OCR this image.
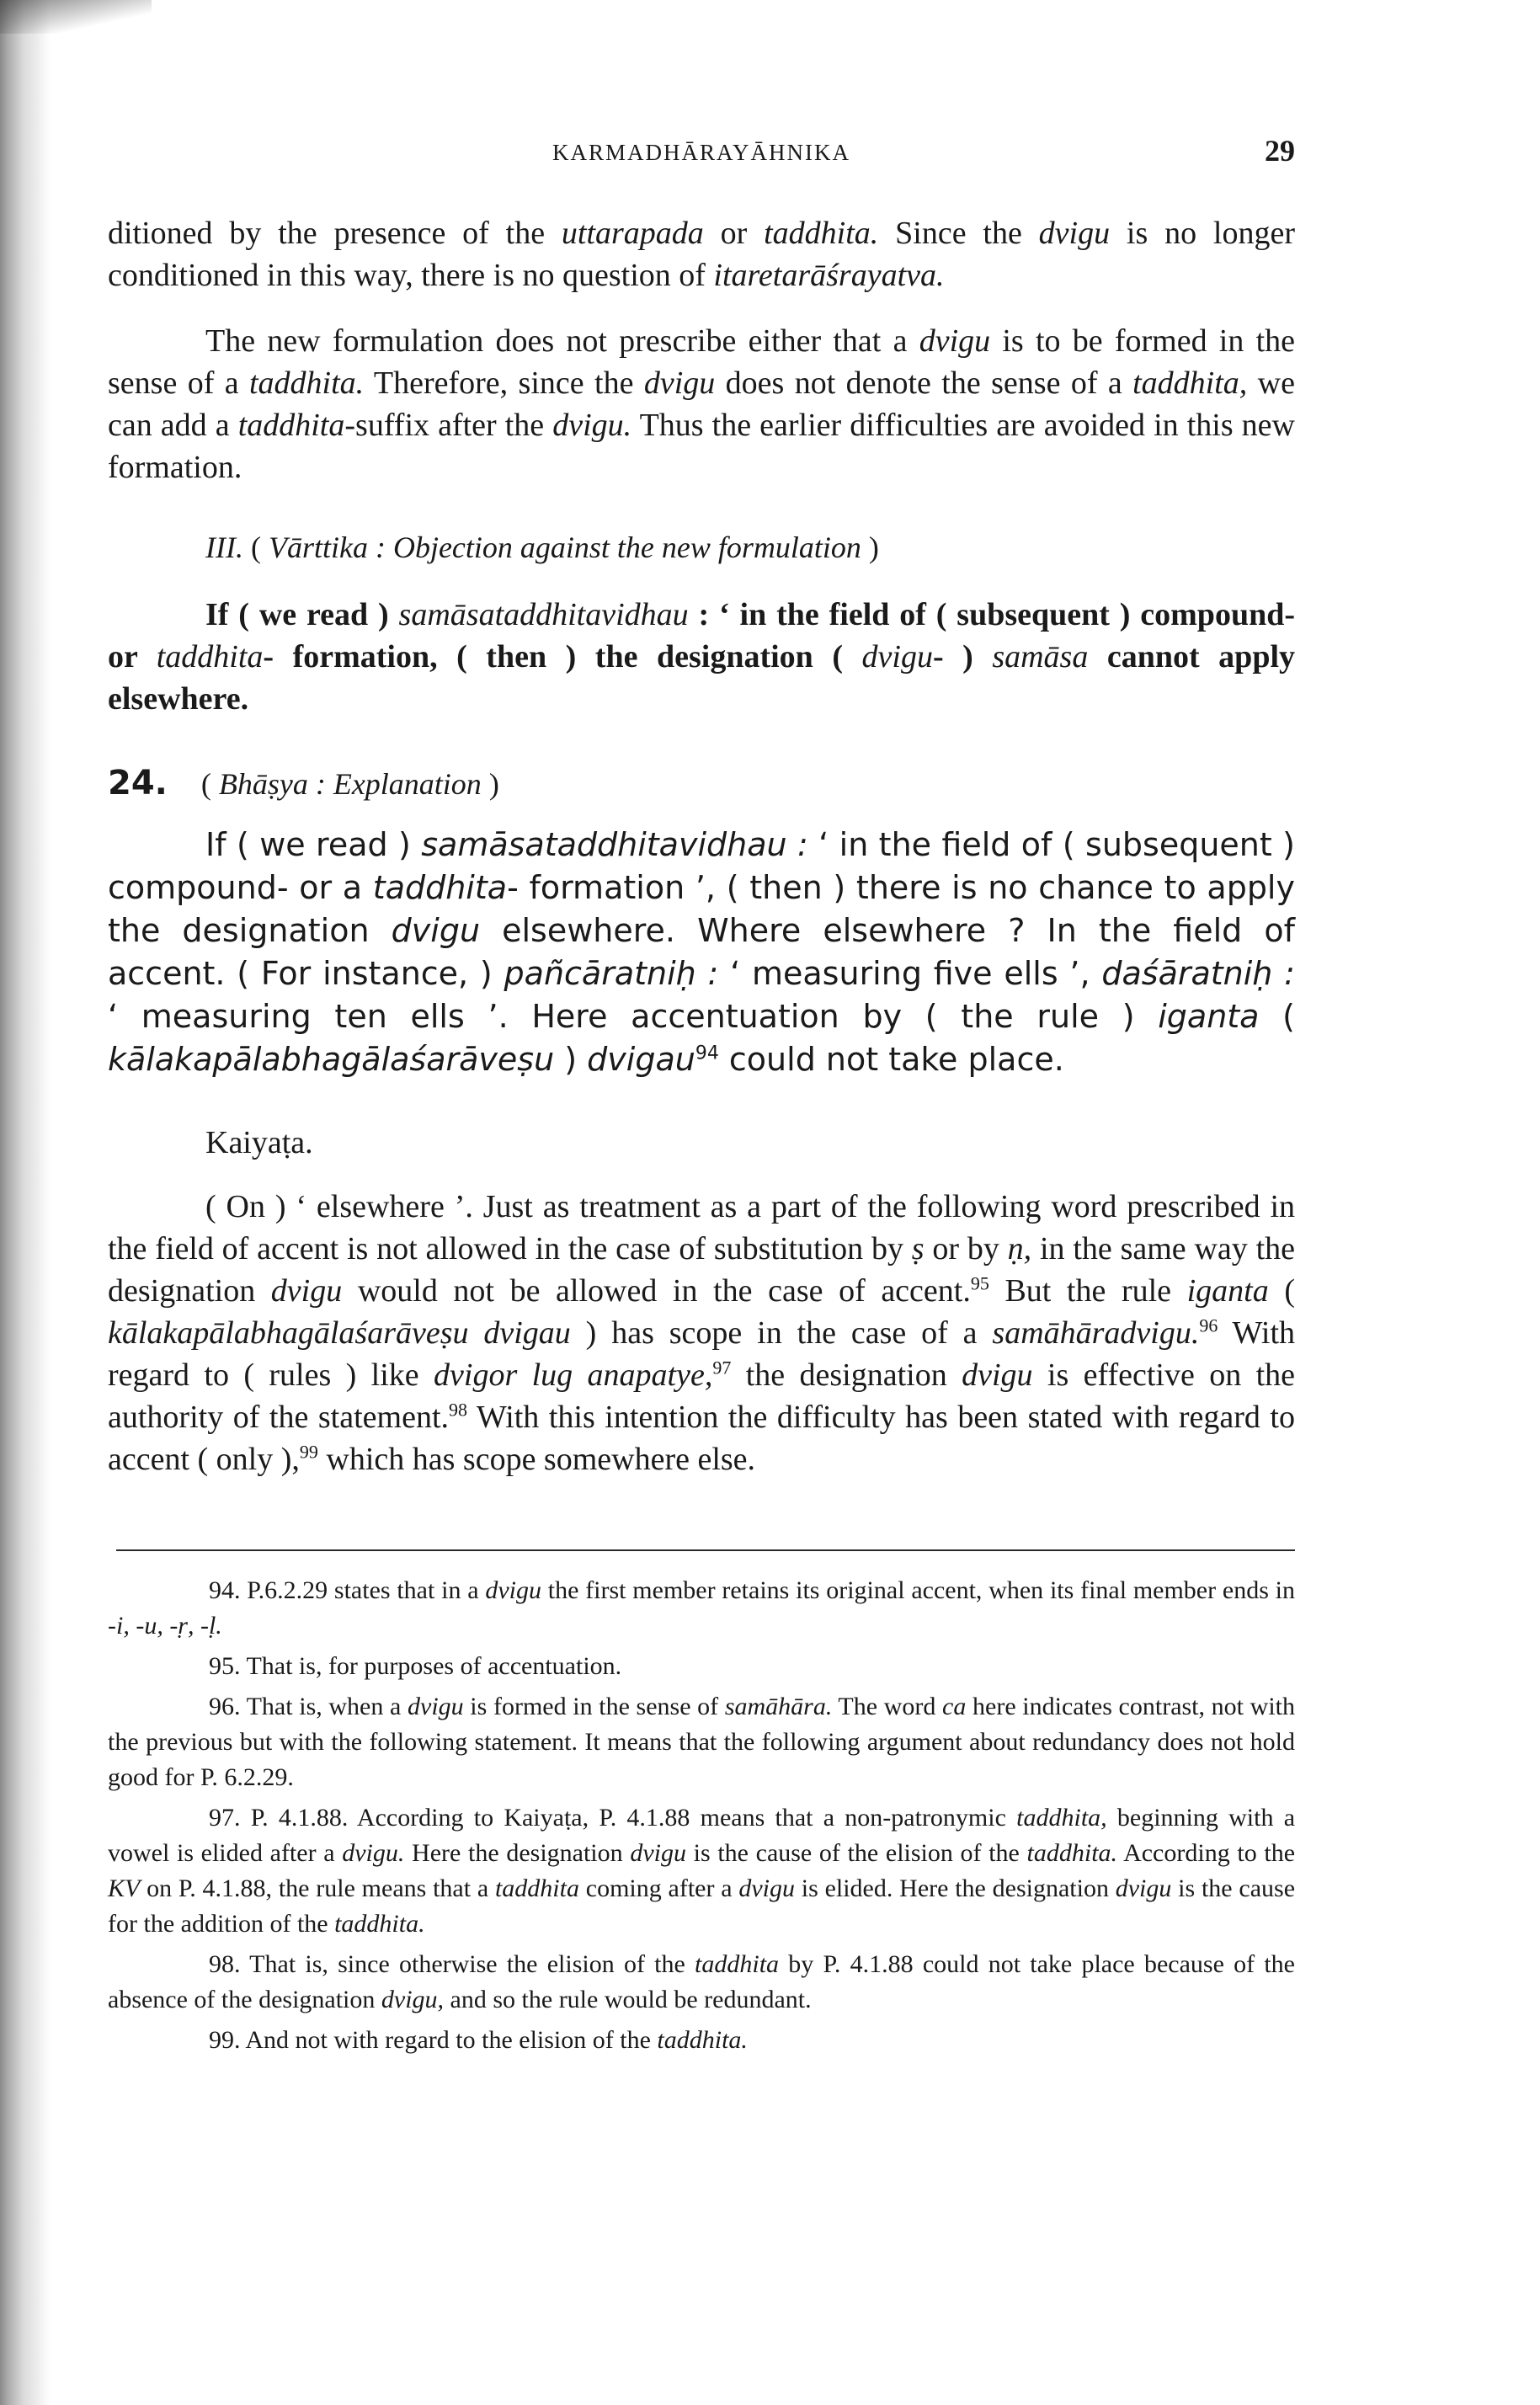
KARMADHĀRAYĀHNIKA	29

ditioned by the presence of the uttarapada or taddhita. Since the dvigu is no longer conditioned in this way, there is no question of itaretarāśrayatva.

The new formulation does not prescribe either that a dvigu is to be formed in the sense of a taddhita. Therefore, since the dvigu does not denote the sense of a taddhita, we can add a taddhita-suffix after the dvigu. Thus the earlier difficulties are avoided in this new formation.

III. ( Vārttika : Objection against the new formulation )

If ( we read ) samāsataddhitavidhau : ‘ in the field of ( subsequent ) compound- or taddhita- formation, ( then ) the designation ( dvigu- ) samāsa cannot apply elsewhere.

24. ( Bhāṣya : Explanation )

If ( we read ) samāsataddhitavidhau : ‘ in the field of ( subsequent ) compound- or a taddhita- formation ’, ( then ) there is no chance to apply the designation dvigu elsewhere. Where elsewhere ? In the field of accent. ( For instance, ) pañcāratniḥ : ‘ measuring five ells ’, daśāratniḥ : ‘ measuring ten ells ’. Here accentuation by ( the rule ) iganta ( kālakapālabhagālaśarāveṣu ) dvigau$^{94}$ could not take place.

Kaiyaṭa.

( On ) ‘ elsewhere ’. Just as treatment as a part of the following word prescribed in the field of accent is not allowed in the case of substitution by ṣ or by ṇ, in the same way the designation dvigu would not be allowed in the case of accent.$^{95}$ But the rule iganta ( kālakapālabhagālaśarāveṣu dvigau ) has scope in the case of a samāhāradvigu.$^{96}$ With regard to ( rules ) like dvigor lug anapatye,$^{97}$ the designation dvigu is effective on the authority of the statement.$^{98}$ With this intention the difficulty has been stated with regard to accent ( only ),$^{99}$ which has scope somewhere else.

94. P.6.2.29 states that in a dvigu the first member retains its original accent, when its final member ends in -i, -u, -ṛ, -ḷ.

95. That is, for purposes of accentuation.

96. That is, when a dvigu is formed in the sense of samāhāra. The word ca here indicates contrast, not with the previous but with the following statement. It means that the following argument about redundancy does not hold good for P. 6.2.29.

97. P. 4.1.88. According to Kaiyaṭa, P. 4.1.88 means that a non-patronymic taddhita, beginning with a vowel is elided after a dvigu. Here the designation dvigu is the cause of the elision of the taddhita. According to the KV on P. 4.1.88, the rule means that a taddhita coming after a dvigu is elided. Here the designation dvigu is the cause for the addition of the taddhita.

98. That is, since otherwise the elision of the taddhita by P. 4.1.88 could not take place because of the absence of the designation dvigu, and so the rule would be redundant.

99. And not with regard to the elision of the taddhita.
